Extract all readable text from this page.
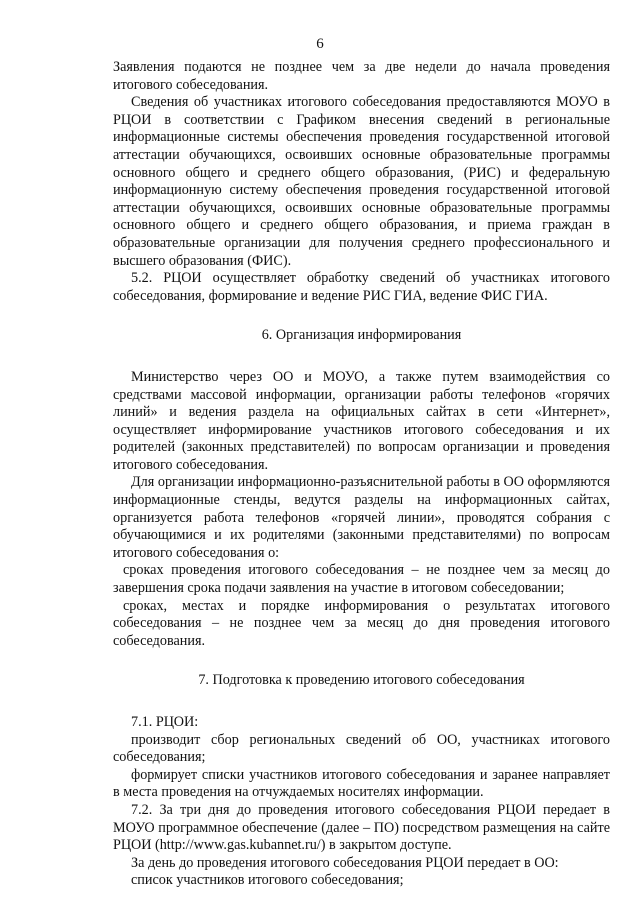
6

Заявления подаются не позднее чем за две недели до начала проведения итогового собеседования.

Сведения об участниках итогового собеседования предоставляются МОУО в РЦОИ в соответствии с Графиком внесения сведений в региональные информационные системы обеспечения проведения государственной итоговой аттестации обучающихся, освоивших основные образовательные программы основного общего и среднего общего образования, (РИС) и федеральную информационную систему обеспечения проведения государственной итоговой аттестации обучающихся, освоивших основные образовательные программы основного общего и среднего общего образования, и приема граждан в образовательные организации для получения среднего профессионального и высшего образования (ФИС).

5.2. РЦОИ осуществляет обработку сведений об участниках итогового собеседования, формирование и ведение РИС ГИА, ведение ФИС ГИА.

6. Организация информирования

Министерство через ОО и МОУО, а также путем взаимодействия со средствами массовой информации, организации работы телефонов «горячих линий» и ведения раздела на официальных сайтах в сети «Интернет», осуществляет информирование участников итогового собеседования и их родителей (законных представителей) по вопросам организации и проведения итогового собеседования.

Для организации информационно-разъяснительной работы в ОО оформляются информационные стенды, ведутся разделы на информационных сайтах, организуется работа телефонов «горячей линии», проводятся собрания с обучающимися и их родителями (законными представителями) по вопросам итогового собеседования о:

сроках проведения итогового собеседования – не позднее чем за месяц до завершения срока подачи заявления на участие в итоговом собеседовании;

сроках, местах и порядке информирования о результатах итогового собеседования – не позднее чем за месяц до дня проведения итогового собеседования.

7. Подготовка к проведению итогового собеседования

7.1. РЦОИ:

производит сбор региональных сведений об ОО, участниках итогового собеседования;

формирует списки участников итогового собеседования и заранее направляет в места проведения на отчуждаемых носителях информации.

7.2. За три дня до проведения итогового собеседования РЦОИ передает в МОУО программное обеспечение (далее – ПО) посредством размещения на сайте РЦОИ (http://www.gas.kubannet.ru/) в закрытом доступе.

За день до проведения итогового собеседования РЦОИ передает в ОО:

список участников итогового собеседования;
